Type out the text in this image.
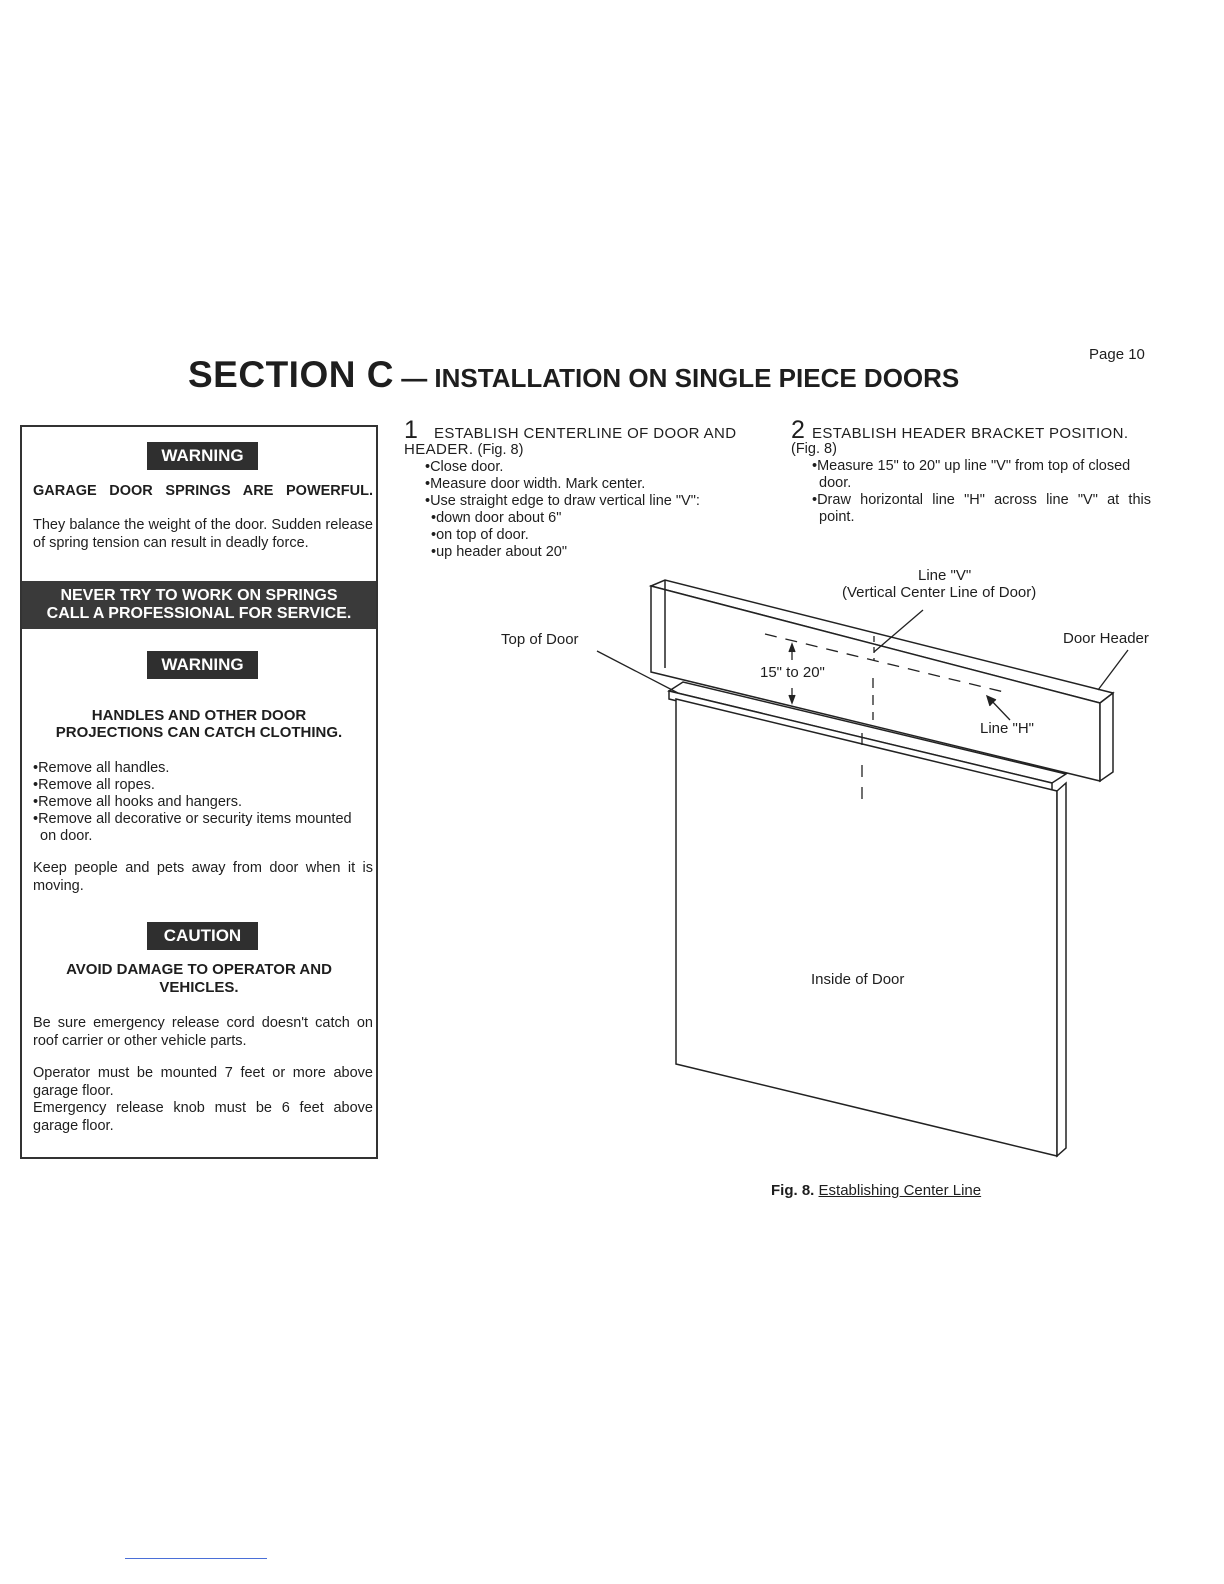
Page 10
SECTION C — INSTALLATION ON SINGLE PIECE DOORS
WARNING
GARAGE DOOR SPRINGS ARE POWERFUL.
They balance the weight of the door. Sudden release of spring tension can result in deadly force.
NEVER TRY TO WORK ON SPRINGS
CALL A PROFESSIONAL FOR SERVICE.
WARNING
HANDLES AND OTHER DOOR
PROJECTIONS CAN CATCH CLOTHING.
•Remove all handles.
•Remove all ropes.
•Remove all hooks and hangers.
•Remove all decorative or security items mounted
on door.
Keep people and pets away from door when it is moving.
CAUTION
AVOID DAMAGE TO OPERATOR AND
VEHICLES.
Be sure emergency release cord doesn't catch on roof carrier or other vehicle parts.
Operator must be mounted 7 feet or more above garage floor.
Emergency release knob must be 6 feet above garage floor.
1 ESTABLISH CENTERLINE OF DOOR AND
HEADER. (Fig. 8)
•Close door.
•Measure door width. Mark center.
•Use straight edge to draw vertical line "V":
•down door about 6"
•on top of door.
•up header about 20"
2 ESTABLISH HEADER BRACKET POSITION.
(Fig. 8)
•Measure 15" to 20" up line "V" from top of closed
door.
•Draw horizontal line "H" across line "V" at this
point.
Line "V"
(Vertical Center Line of Door)
Door Header
Top of Door
15" to 20"
Line "H"
Inside of Door
Fig. 8. Establishing Center Line
